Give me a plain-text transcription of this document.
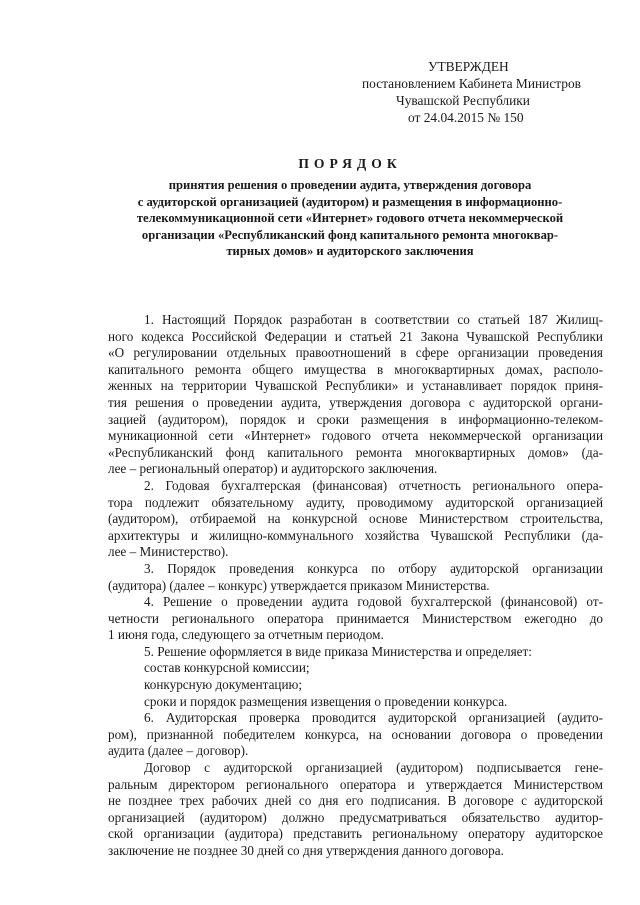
УТВЕРЖДЕН
постановлением Кабинета Министров
Чувашской Республики
от 24.04.2015 № 150
ПОРЯДОК
принятия решения о проведении аудита, утверждения договора
с аудиторской организацией (аудитором) и размещения в информационно-
телекоммуникационной сети «Интернет» годового отчета некоммерческой
организации «Республиканский фонд капитального ремонта многоквар-
тирных домов» и аудиторского заключения
1. Настоящий Порядок разработан в соответствии со статьей 187 Жилищ-
ного кодекса Российской Федерации и статьей 21 Закона Чувашской Республики
«О регулировании отдельных правоотношений в сфере организации проведения
капитального ремонта общего имущества в многоквартирных домах, располо-
женных на территории Чувашской Республики» и устанавливает порядок приня-
тия решения о проведении аудита, утверждения договора с аудиторской органи-
зацией (аудитором), порядок и сроки размещения в информационно-телеком-
муникационной сети «Интернет» годового отчета некоммерческой организации
«Республиканский фонд капитального ремонта многоквартирных домов» (да-
лее – региональный оператор) и аудиторского заключения.
2. Годовая бухгалтерская (финансовая) отчетность регионального опера-
тора подлежит обязательному аудиту, проводимому аудиторской организацией
(аудитором), отбираемой на конкурсной основе Министерством строительства,
архитектуры и жилищно-коммунального хозяйства Чувашской Республики (да-
лее – Министерство).
3. Порядок проведения конкурса по отбору аудиторской организации
(аудитора) (далее – конкурс) утверждается приказом Министерства.
4. Решение о проведении аудита годовой бухгалтерской (финансовой) от-
четности регионального оператора принимается Министерством ежегодно до
1 июня года, следующего за отчетным периодом.
5. Решение оформляется в виде приказа Министерства и определяет:
состав конкурсной комиссии;
конкурсную документацию;
сроки и порядок размещения извещения о проведении конкурса.
6. Аудиторская проверка проводится аудиторской организацией (аудито-
ром), признанной победителем конкурса, на основании договора о проведении
аудита (далее – договор).
Договор с аудиторской организацией (аудитором) подписывается гене-
ральным директором регионального оператора и утверждается Министерством
не позднее трех рабочих дней со дня его подписания. В договоре с аудиторской
организацией (аудитором) должно предусматриваться обязательство аудитор-
ской организации (аудитора) представить региональному оператору аудиторское
заключение не позднее 30 дней со дня утверждения данного договора.
